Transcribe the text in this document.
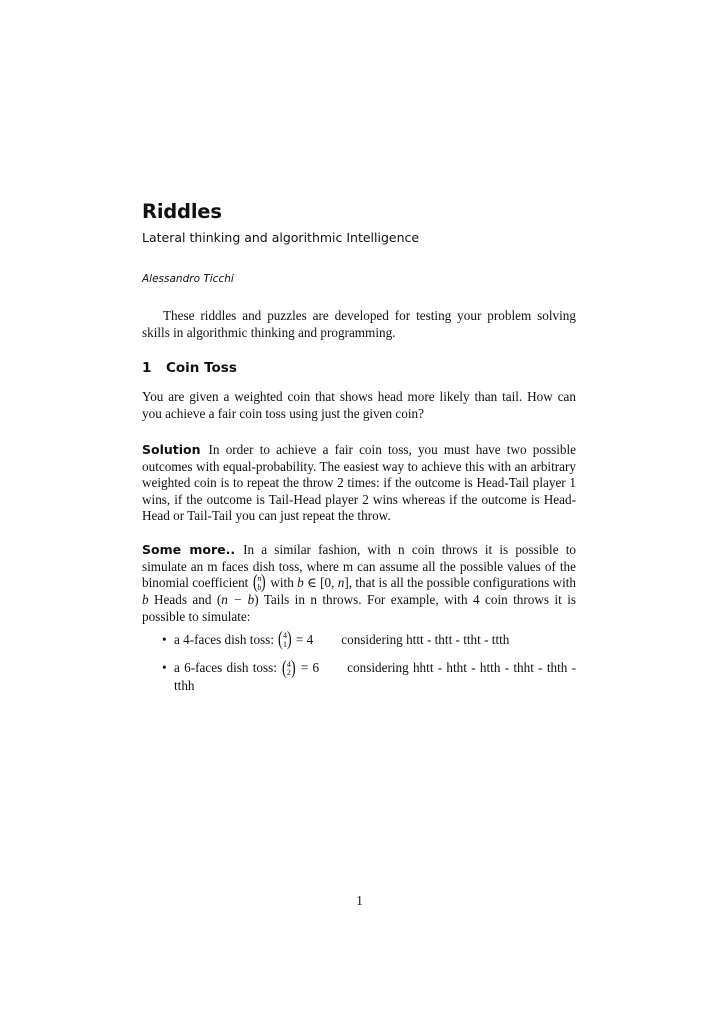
Riddles
Lateral thinking and algorithmic Intelligence
Alessandro Ticchi
These riddles and puzzles are developed for testing your problem solving skills in algorithmic thinking and programming.
1 Coin Toss
You are given a weighted coin that shows head more likely than tail. How can you achieve a fair coin toss using just the given coin?
Solution In order to achieve a fair coin toss, you must have two possible outcomes with equal-probability. The easiest way to achieve this with an arbitrary weighted coin is to repeat the throw 2 times: if the outcome is Head-Tail player 1 wins, if the outcome is Tail-Head player 2 wins whereas if the outcome is Head-Head or Tail-Tail you can just repeat the throw.
Some more.. In a similar fashion, with n coin throws it is possible to simulate an m faces dish toss, where m can assume all the possible values of the binomial coefficient ( n
b ) with b ∈ [0, n], that is all the possible configurations with b Heads and (n − b) Tails in n throws. For example, with 4 coin throws it is possible to simulate:
• a 4-faces dish toss: ( 4
1 ) = 4 considering httt - thtt - ttht - ttth
• a 6-faces dish toss: ( 4
2 ) = 6 considering hhtt - htht - htth - thht - thth - tthh
1
